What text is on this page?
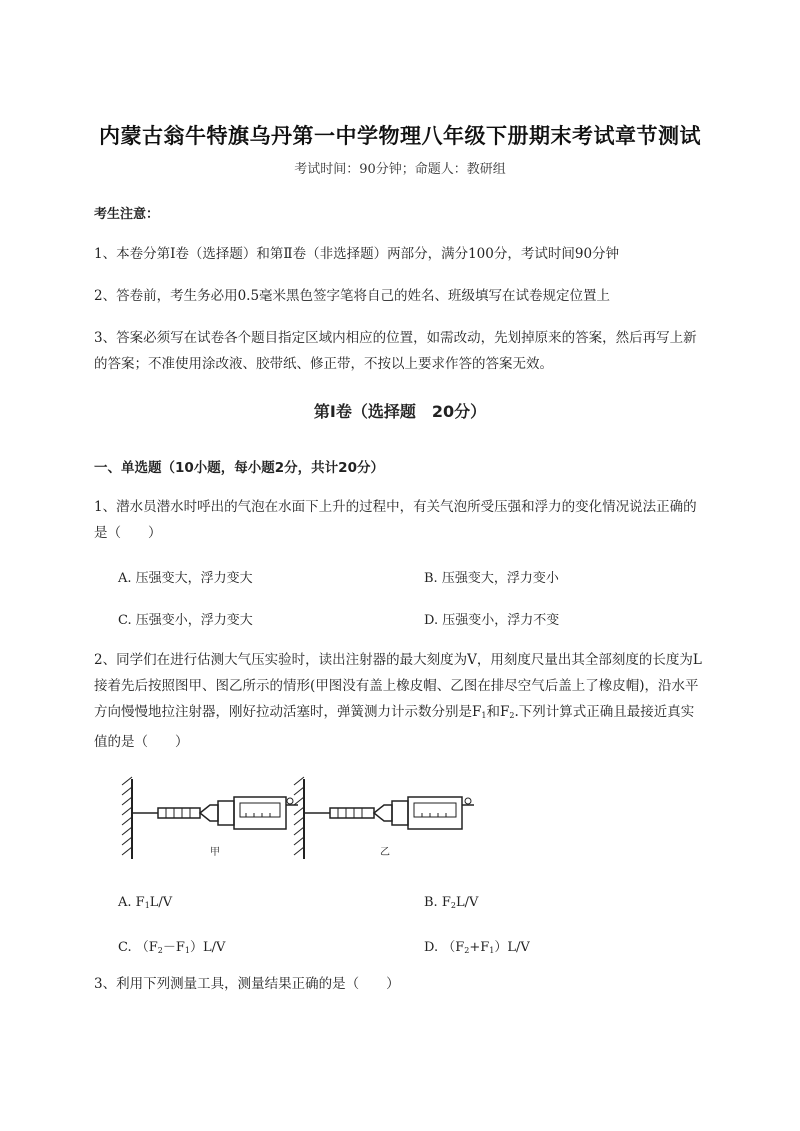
内蒙古翁牛特旗乌丹第一中学物理八年级下册期末考试章节测试
考试时间：90分钟；命题人：教研组
考生注意：
1、本卷分第I卷（选择题）和第Ⅱ卷（非选择题）两部分，满分100分，考试时间90分钟
2、答卷前，考生务必用0.5毫米黑色签字笔将自己的姓名、班级填写在试卷规定位置上
3、答案必须写在试卷各个题目指定区域内相应的位置，如需改动，先划掉原来的答案，然后再写上新的答案；不准使用涂改液、胶带纸、修正带，不按以上要求作答的答案无效。
第I卷（选择题　20分）
一、单选题（10小题，每小题2分，共计20分）
1、潜水员潜水时呼出的气泡在水面下上升的过程中，有关气泡所受压强和浮力的变化情况说法正确的是（　　）
A. 压强变大，浮力变大	B. 压强变大，浮力变小
C. 压强变小，浮力变大	D. 压强变小，浮力不变
2、同学们在进行估测大气压实验时，读出注射器的最大刻度为V，用刻度尺量出其全部刻度的长度为L接着先后按照图甲、图乙所示的情形(甲图没有盖上橡皮帽、乙图在排尽空气后盖上了橡皮帽)，沿水平方向慢慢地拉注射器，刚好拉动活塞时，弹簧测力计示数分别是$F_1$和$F_2$.下列计算式正确且最接近真实值的是（　　）
甲	乙
A. $F_1L/V$	B. $F_2L/V$
C. $(F_2-F_1)L/V$	D. $(F_2+F_1)L/V$
3、利用下列测量工具，测量结果正确的是（　　）
